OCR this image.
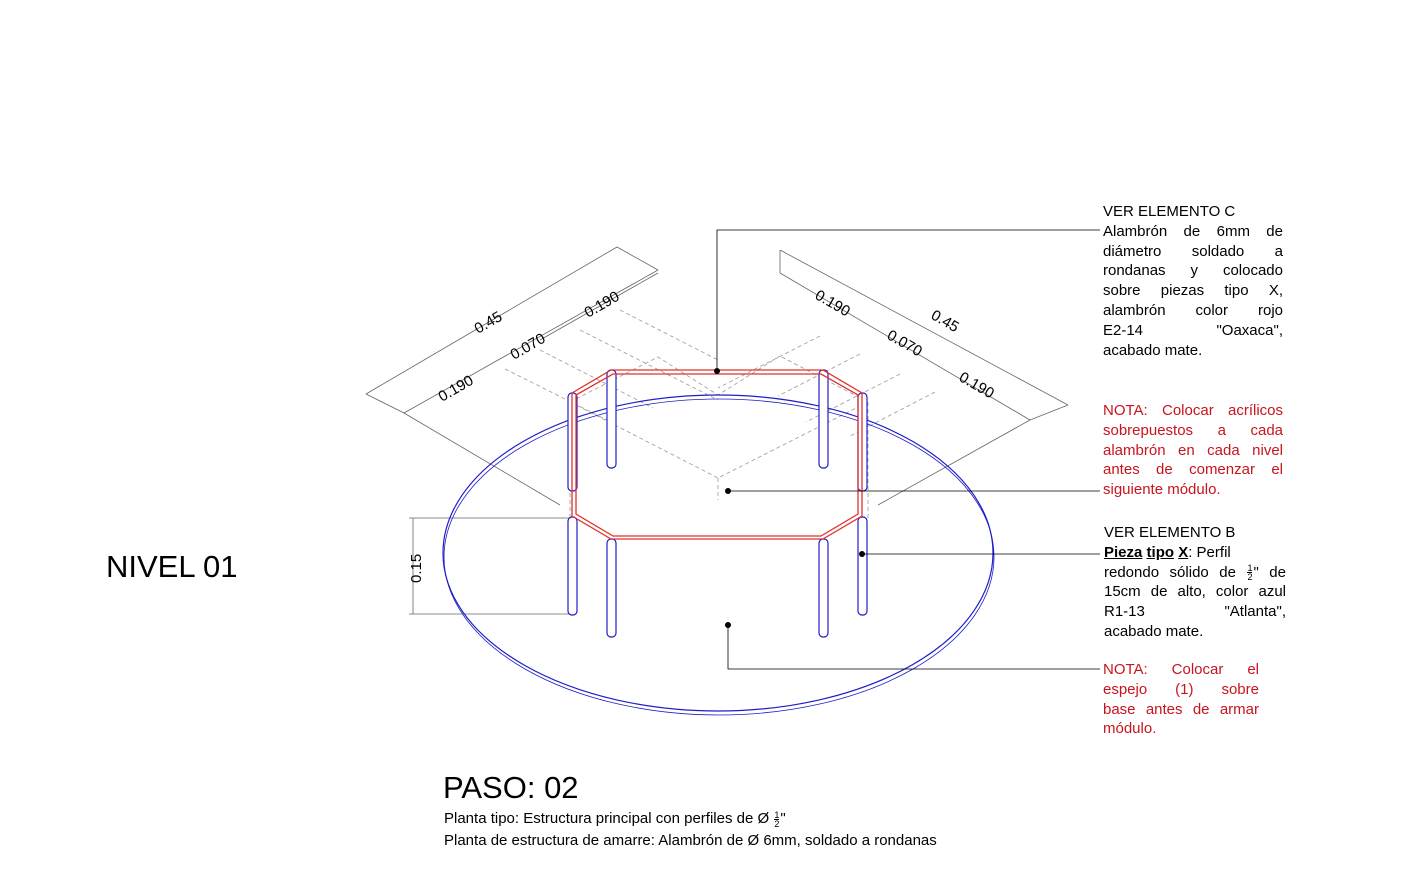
0.45
0.190
0.070
0.190
0.190
0.45
0.070
0.190
0.15
NIVEL 01
VER ELEMENTO C
Alambrón de 6mm de
diámetro soldado a
rondanas y colocado
sobre piezas tipo X,
alambrón color rojo
E2-14 "Oaxaca",
acabado mate.
NOTA: Colocar acrílicos
sobrepuestos a cada
alambrón en cada nivel
antes de comenzar el
siguiente módulo.
VER ELEMENTO B
Pieza tipo X: Perfil
redondo sólido de $\frac{1}{2}$ " de
15cm de alto, color azul
R1-13 "Atlanta",
acabado mate.
NOTA: Colocar el
espejo (1) sobre
base antes de armar
módulo.
PASO: 02
Planta tipo: Estructura principal con perfiles de Ø $\frac{1}{2}$ "
Planta de estructura de amarre: Alambrón de Ø 6mm, soldado a rondanas
